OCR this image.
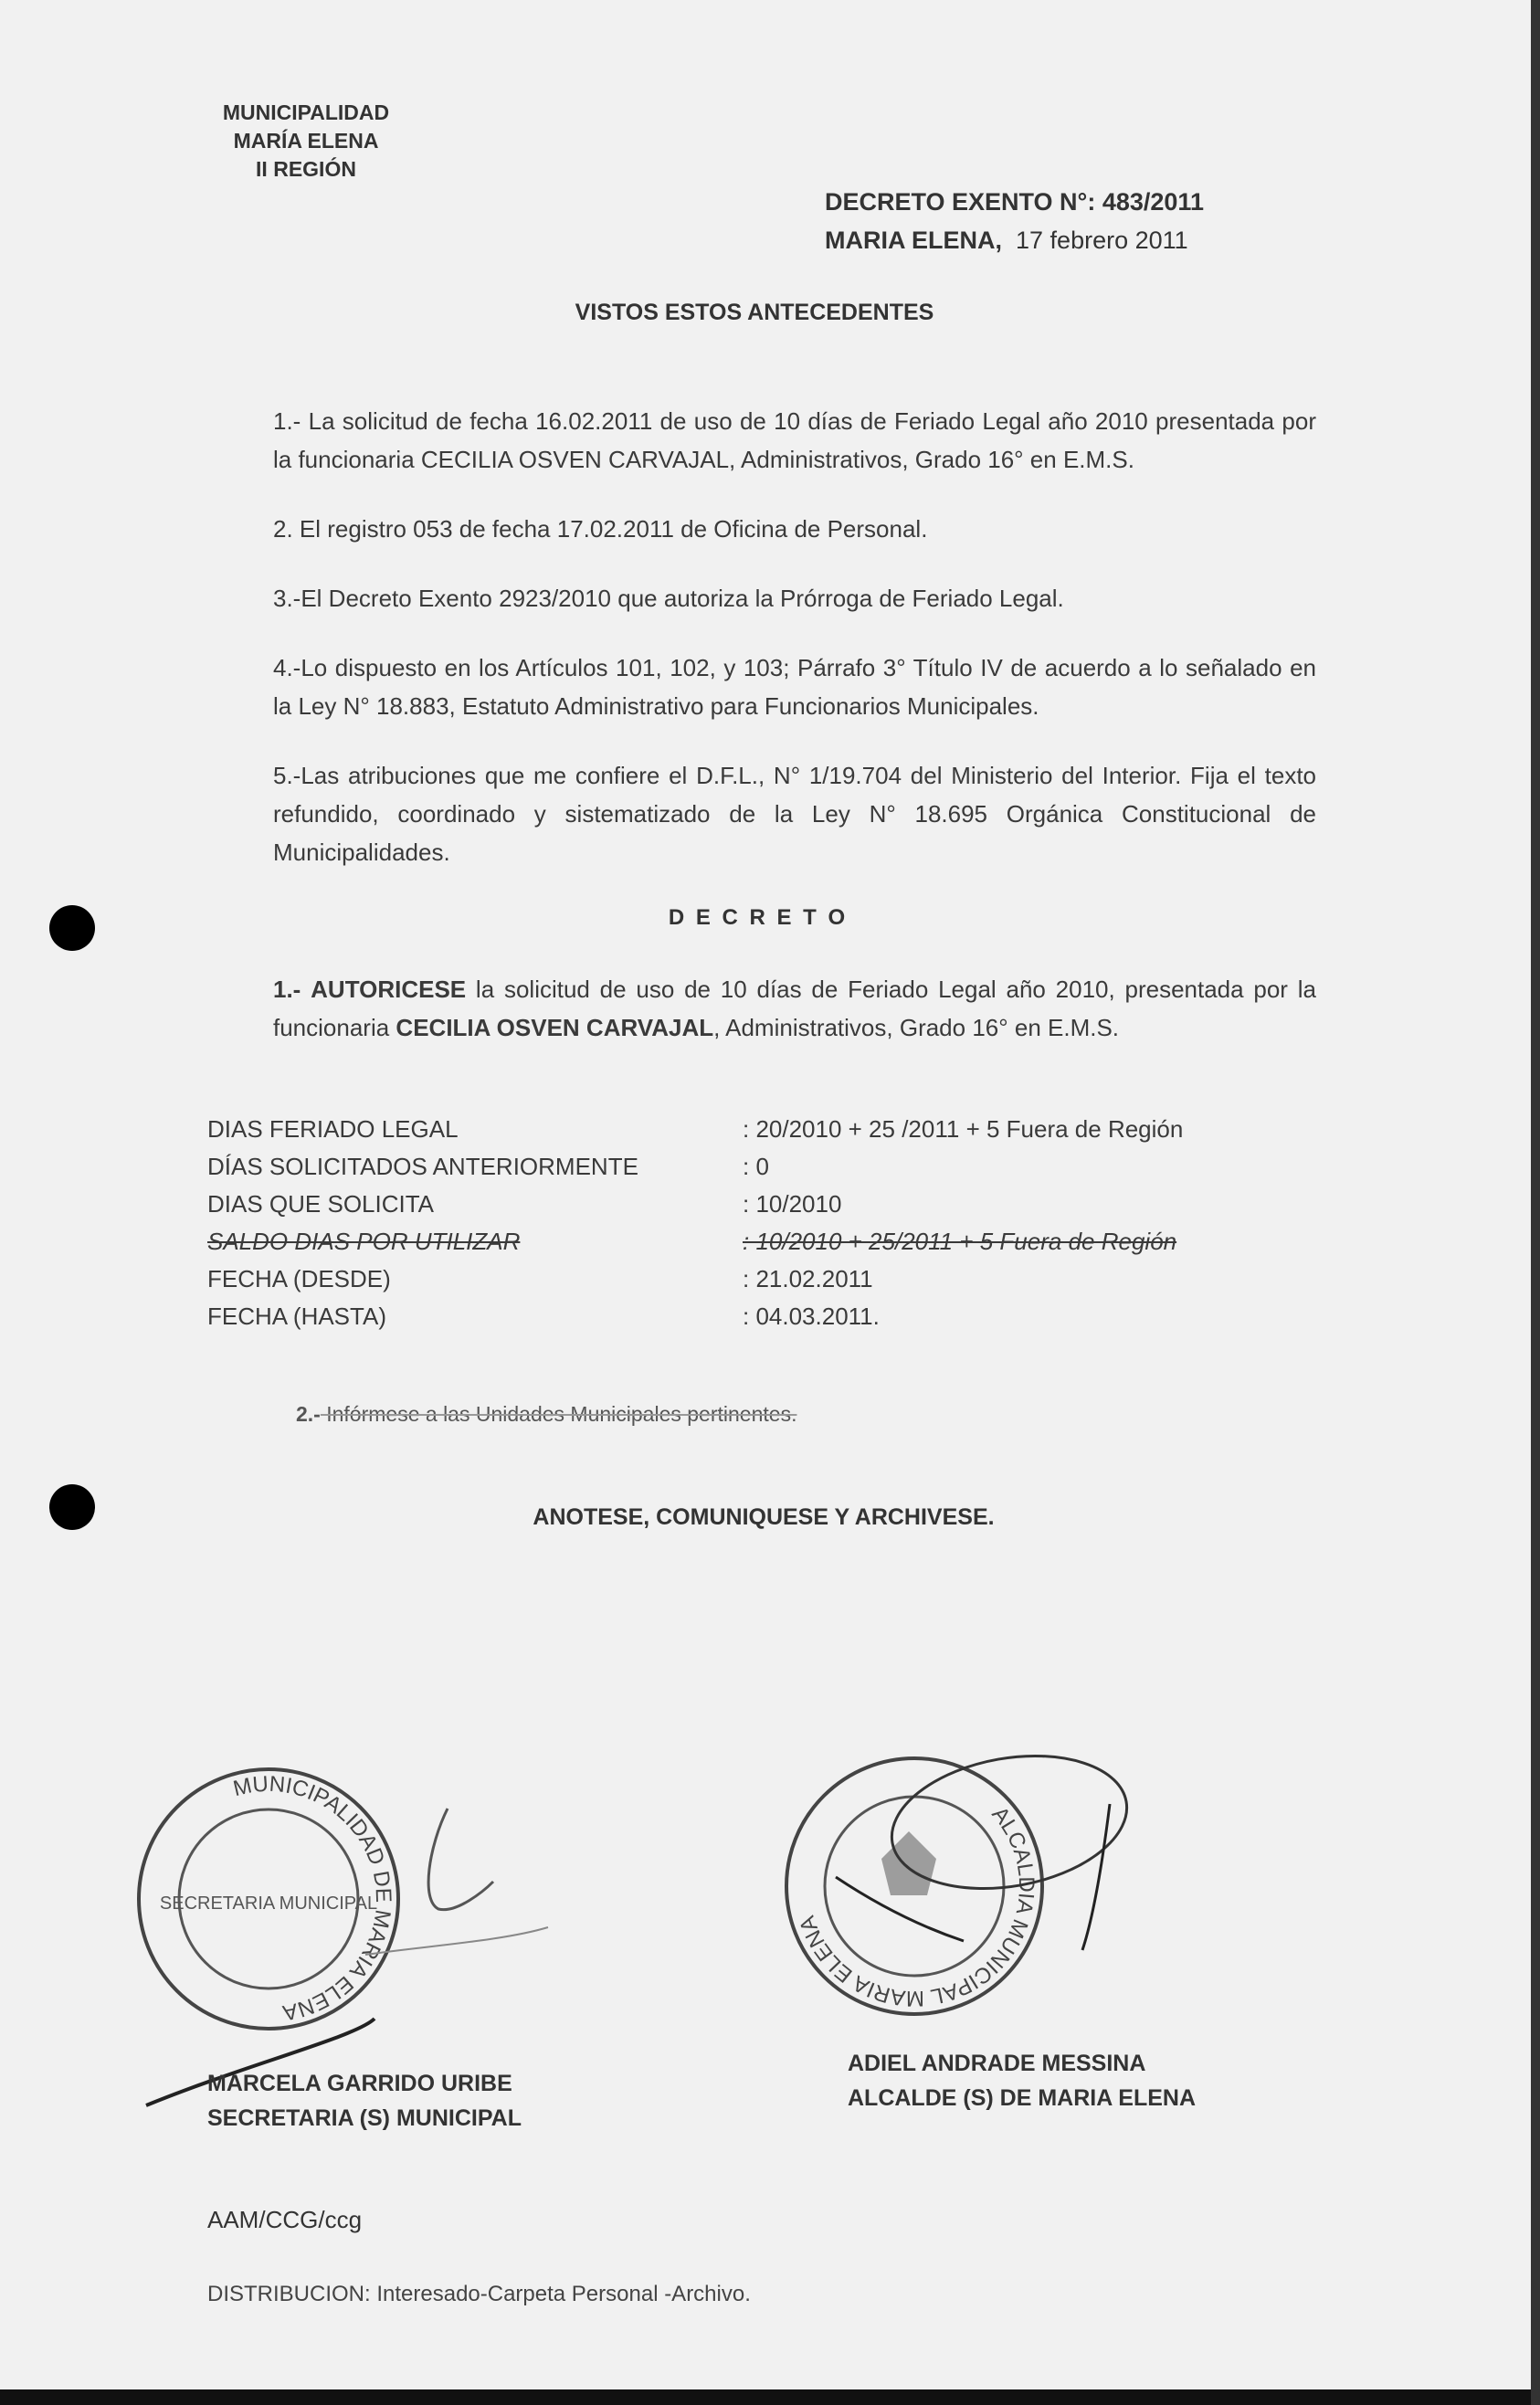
MUNICIPALIDAD
MARÍA ELENA
II REGIÓN
DECRETO EXENTO N°: 483/2011
MARIA ELENA, 17 febrero 2011
VISTOS ESTOS ANTECEDENTES
1.- La solicitud de fecha 16.02.2011 de uso de 10 días de Feriado Legal año 2010 presentada por la funcionaria CECILIA OSVEN CARVAJAL, Administrativos, Grado 16° en E.M.S.
2. El registro 053 de fecha 17.02.2011 de Oficina de Personal.
3.-El Decreto Exento 2923/2010 que autoriza la Prórroga de Feriado Legal.
4.-Lo dispuesto en los Artículos 101, 102, y 103; Párrafo 3° Título IV de acuerdo a lo señalado en la Ley N° 18.883, Estatuto Administrativo para Funcionarios Municipales.
5.-Las atribuciones que me confiere el D.F.L., N° 1/19.704 del Ministerio del Interior. Fija el texto refundido, coordinado y sistematizado de la Ley N° 18.695 Orgánica Constitucional de Municipalidades.
D E C R E T O
1.- AUTORICESE la solicitud de uso de 10 días de Feriado Legal año 2010, presentada por la funcionaria CECILIA OSVEN CARVAJAL, Administrativos, Grado 16° en E.M.S.
DIAS FERIADO LEGAL	: 20/2010 + 25 /2011 + 5 Fuera de Región
DÍAS SOLICITADOS ANTERIORMENTE	: 0
DIAS QUE SOLICITA	: 10/2010
SALDO DIAS POR UTILIZAR	: 10/2010 + 25/2011 + 5 Fuera de Región
FECHA (DESDE)	: 21.02.2011
FECHA (HASTA)	: 04.03.2011.
2.- Infórmese a las Unidades Municipales pertinentes.
ANOTESE, COMUNIQUESE Y ARCHIVESE.
MUNICIPALIDAD DE MARIA ELENA
SECRETARIA MUNICIPAL
MARCELA GARRIDO URIBE
SECRETARIA (S) MUNICIPAL
ALCALDIA MUNICIPAL MARIA ELENA
ADIEL ANDRADE MESSINA
ALCALDE (S) DE MARIA ELENA
AAM/CCG/ccg
DISTRIBUCION: Interesado-Carpeta Personal -Archivo.
